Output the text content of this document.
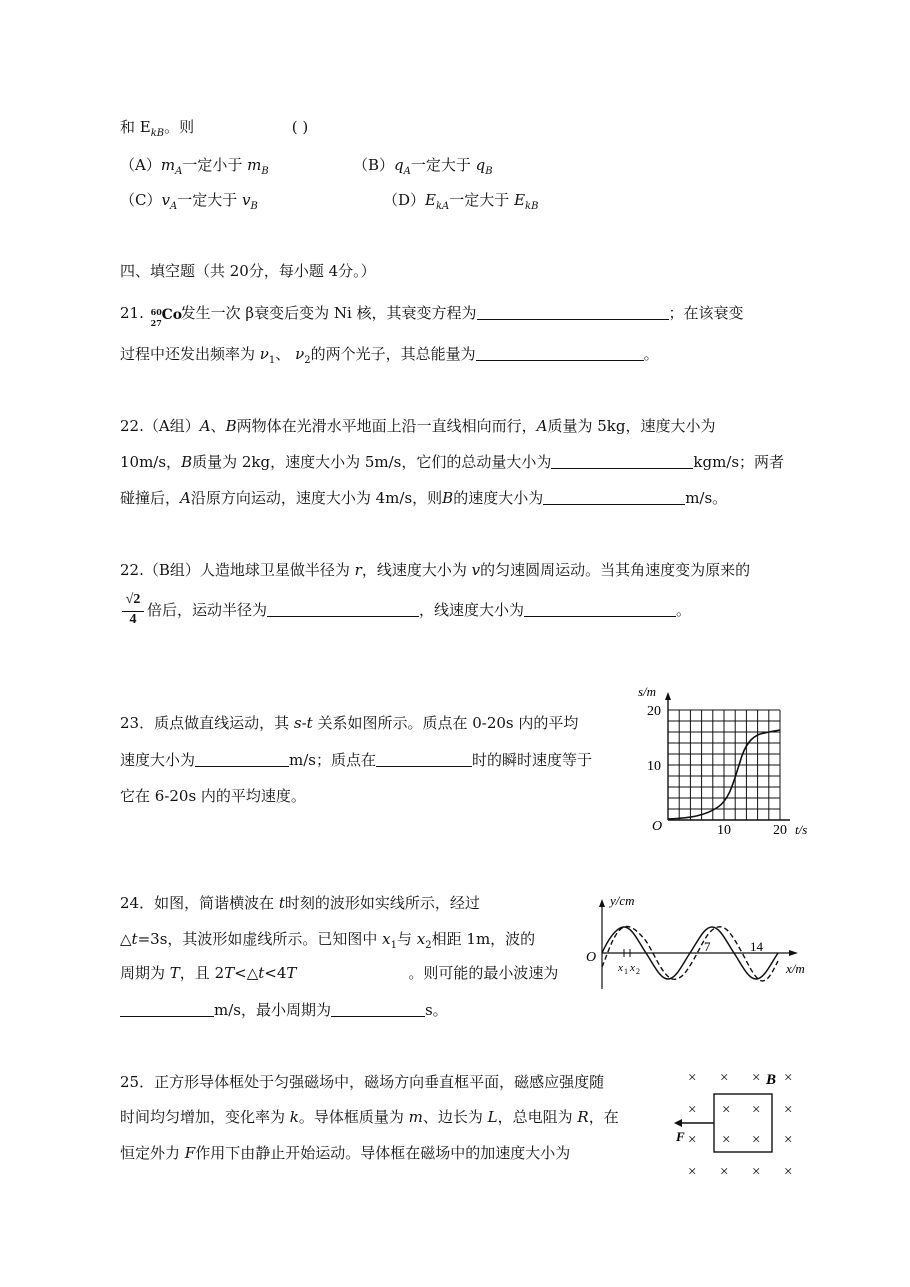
和 $E_{kB}$。则	( )
$(A)m_A$一定小于 $m_B$	$(B)q_A$一定大于 $q_B$
$(C)v_A$一定大于 $v_B$	$(D)E_{kA}$一定大于 $E_{kB}$
四、填空题（共 20分，每小题 4分。）
21. 60
27 Co
发生一次 β衰变后变为 Ni 核，其衰变方程为	；在该衰变
过程中还发出频率为 $\nu_1$、 $\nu_2$的两个光子，其总能量为	。
22.（A组）A、B两物体在光滑水平地面上沿一直线相向而行，A质量为 5kg，速度大小为
10m/s，B质量为 2kg，速度大小为 5m/s，它们的总动量大小为	kgm/s；两者
碰撞后，A沿原方向运动，速度大小为 4m/s，则B的速度大小为	m/s。
22.（B组）人造地球卫星做半径为 r，线速度大小为 v的匀速圆周运动。当其角速度变为原来的
√2
4
倍后，运动半径为	，线速度大小为	。
23．质点做直线运动，其 s-t 关系如图所示。质点在 0-20s 内的平均
速度大小为	m/s；质点在	时的瞬时速度等于
它在 6-20s 内的平均速度。
s/m
20
10
O	10	20 t/s
24．如图，简谐横波在 t时刻的波形如实线所示，经过
△t=3s，其波形如虚线所示。已知图中 $x_1$与 $x_2$相距 1m，波的
周期为 T，且 2T<△t<4T	。则可能的最小波速为
m/s，最小周期为	s。
O
y/cm
7	14
x/m
x 1 x 2
25．正方形导体框处于匀强磁场中，磁场方向垂直框平面，磁感应强度随
时间均匀增加，变化率为 k。导体框质量为 m、边长为 L，总电阻为 R，在
恒定外力 F作用下由静止开始运动。导体框在磁场中的加速度大小为
× × × ×
×	×
×	×
× × × ×
× ×
× ×
F
B
